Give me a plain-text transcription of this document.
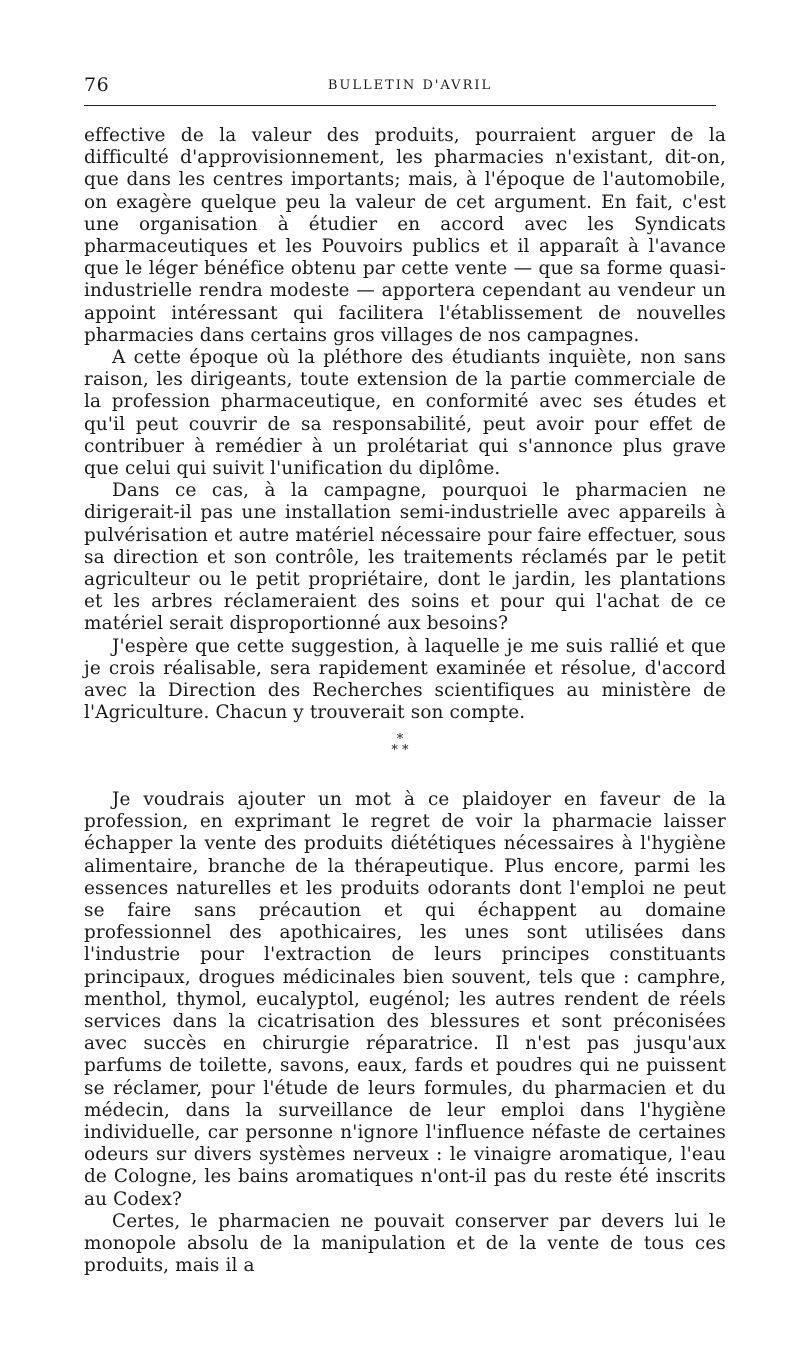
76	BULLETIN D'AVRIL

effective de la valeur des produits, pourraient arguer de la difficulté d'approvisionnement, les pharmacies n'existant, dit-on, que dans les centres importants; mais, à l'époque de l'automobile, on exagère quelque peu la valeur de cet argument. En fait, c'est une organisation à étudier en accord avec les Syndicats pharmaceutiques et les Pouvoirs publics et il apparaît à l'avance que le léger bénéfice obtenu par cette vente — que sa forme quasi-industrielle rendra modeste — apportera cependant au vendeur un appoint intéressant qui facilitera l'établissement de nouvelles pharmacies dans certains gros villages de nos campagnes.

A cette époque où la pléthore des étudiants inquiète, non sans raison, les dirigeants, toute extension de la partie commerciale de la profession pharmaceutique, en conformité avec ses études et qu'il peut couvrir de sa responsabilité, peut avoir pour effet de contribuer à remédier à un prolétariat qui s'annonce plus grave que celui qui suivit l'unification du diplôme.

Dans ce cas, à la campagne, pourquoi le pharmacien ne dirigerait-il pas une installation semi-industrielle avec appareils à pulvérisation et autre matériel nécessaire pour faire effectuer, sous sa direction et son contrôle, les traitements réclamés par le petit agriculteur ou le petit propriétaire, dont le jardin, les plantations et les arbres réclameraient des soins et pour qui l'achat de ce matériel serait disproportionné aux besoins?

J'espère que cette suggestion, à laquelle je me suis rallié et que je crois réalisable, sera rapidement examinée et résolue, d'accord avec la Direction des Recherches scientifiques au ministère de l'Agriculture. Chacun y trouverait son compte.

*
* *

Je voudrais ajouter un mot à ce plaidoyer en faveur de la profession, en exprimant le regret de voir la pharmacie laisser échapper la vente des produits diététiques nécessaires à l'hygiène alimentaire, branche de la thérapeutique. Plus encore, parmi les essences naturelles et les produits odorants dont l'emploi ne peut se faire sans précaution et qui échappent au domaine professionnel des apothicaires, les unes sont utilisées dans l'industrie pour l'extraction de leurs principes constituants principaux, drogues médicinales bien souvent, tels que : camphre, menthol, thymol, eucalyptol, eugénol; les autres rendent de réels services dans la cicatrisation des blessures et sont préconisées avec succès en chirurgie réparatrice. Il n'est pas jusqu'aux parfums de toilette, savons, eaux, fards et poudres qui ne puissent se réclamer, pour l'étude de leurs formules, du pharmacien et du médecin, dans la surveillance de leur emploi dans l'hygiène individuelle, car personne n'ignore l'influence néfaste de certaines odeurs sur divers systèmes nerveux : le vinaigre aromatique, l'eau de Cologne, les bains aromatiques n'ont-il pas du reste été inscrits au Codex?

Certes, le pharmacien ne pouvait conserver par devers lui le monopole absolu de la manipulation et de la vente de tous ces produits, mais il a
